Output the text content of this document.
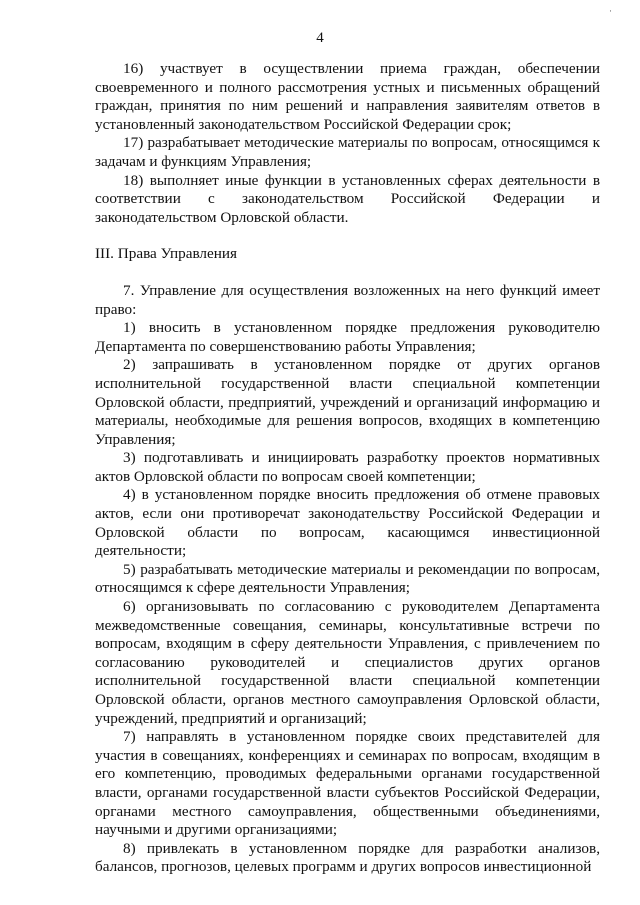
·
4

16) участвует в осуществлении приема граждан, обеспечении своевременного и полного рассмотрения устных и письменных обращений граждан, принятия по ним решений и направления заявителям ответов в установленный законодательством Российской Федерации срок;

17) разрабатывает методические материалы по вопросам, относящимся к задачам и функциям Управления;

18) выполняет иные функции в установленных сферах деятельности в соответствии с законодательством Российской Федерации и законодательством Орловской области.

III. Права Управления

7. Управление для осуществления возложенных на него функций имеет право:

1) вносить в установленном порядке предложения руководителю Департамента по совершенствованию работы Управления;

2) запрашивать в установленном порядке от других органов исполнительной государственной власти специальной компетенции Орловской области, предприятий, учреждений и организаций информацию и материалы, необходимые для решения вопросов, входящих в компетенцию Управления;

3) подготавливать и инициировать разработку проектов нормативных актов Орловской области по вопросам своей компетенции;

4) в установленном порядке вносить предложения об отмене правовых актов, если они противоречат законодательству Российской Федерации и Орловской области по вопросам, касающимся инвестиционной деятельности;

5) разрабатывать методические материалы и рекомендации по вопросам, относящимся к сфере деятельности Управления;

6) организовывать по согласованию с руководителем Департамента межведомственные совещания, семинары, консультативные встречи по вопросам, входящим в сферу деятельности Управления, с привлечением по согласованию руководителей и специалистов других органов исполнительной государственной власти специальной компетенции Орловской области, органов местного самоуправления Орловской области, учреждений, предприятий и организаций;

7) направлять в установленном порядке своих представителей для участия в совещаниях, конференциях и семинарах по вопросам, входящим в его компетенцию, проводимых федеральными органами государственной власти, органами государственной власти субъектов Российской Федерации, органами местного самоуправления, общественными объединениями, научными и другими организациями;

8) привлекать в установленном порядке для разработки анализов, балансов, прогнозов, целевых программ и других вопросов инвестиционной
